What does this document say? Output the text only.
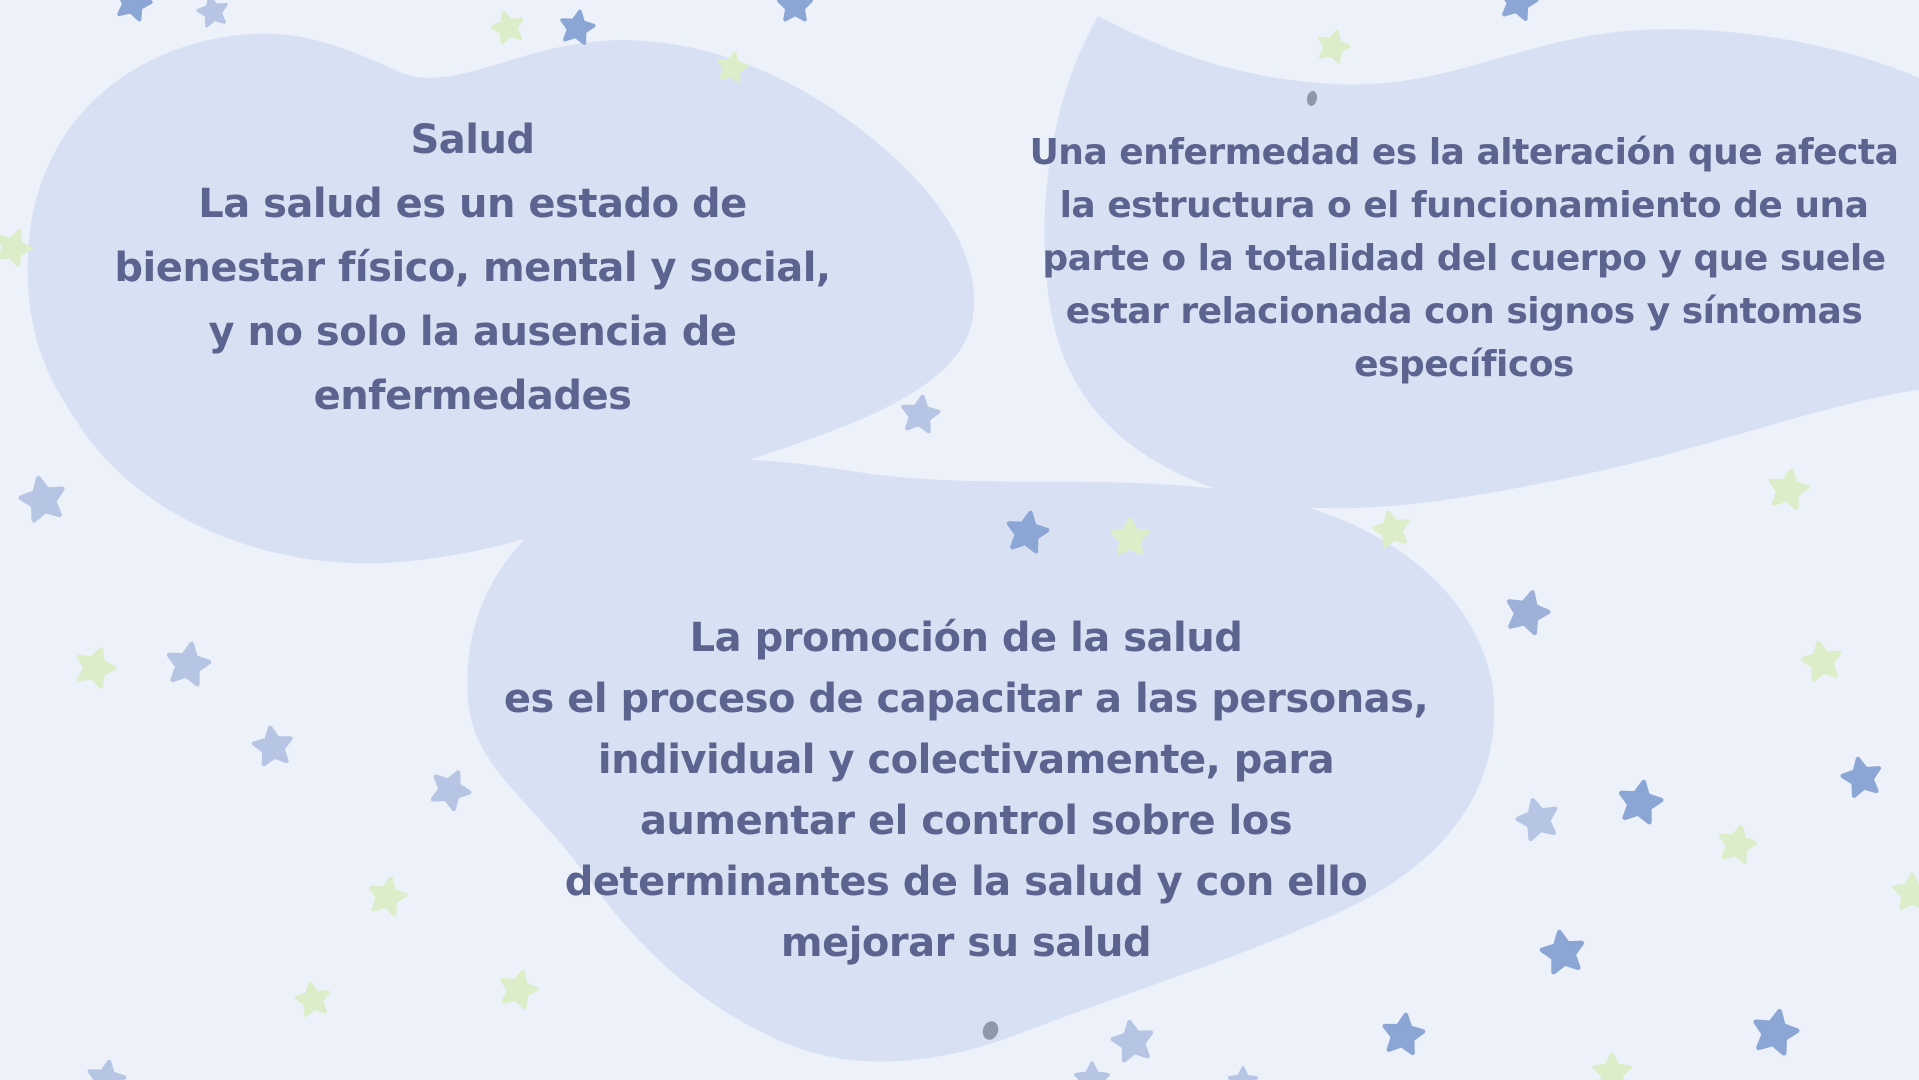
Salud
La salud es un estado de
bienestar físico, mental y social,
y no solo la ausencia de
enfermedades
Una enfermedad es la alteración que afecta
la estructura o el funcionamiento de una
parte o la totalidad del cuerpo y que suele
estar relacionada con signos y síntomas
específicos
La promoción de la salud
es el proceso de capacitar a las personas,
individual y colectivamente, para
aumentar el control sobre los
determinantes de la salud y con ello
mejorar su salud
